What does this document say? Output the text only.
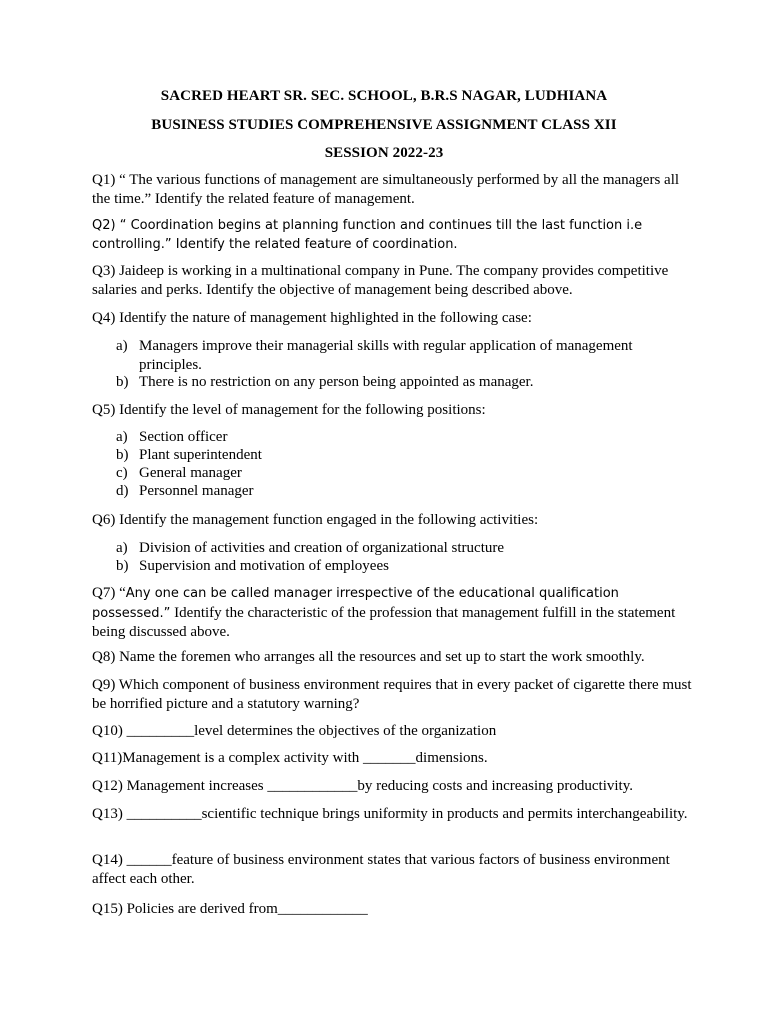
SACRED HEART SR. SEC. SCHOOL, B.R.S NAGAR, LUDHIANA
BUSINESS STUDIES COMPREHENSIVE ASSIGNMENT CLASS XII
SESSION 2022-23
Q1) “ The various functions of management are simultaneously performed by all the managers all the time.” Identify the related feature of management.
Q2) “ Coordination begins at planning function and continues till the last function i.e controlling.” Identify the related feature of coordination.
Q3) Jaideep is working in a multinational company in Pune. The company provides competitive salaries and perks. Identify the objective of management being described above.
Q4) Identify the nature of management highlighted in the following case:
a) Managers improve their managerial skills with regular application of management principles.
b) There is no restriction on any person being appointed as manager.
Q5) Identify the level of management for the following positions:
a) Section officer
b) Plant superintendent
c) General manager
d) Personnel manager
Q6) Identify the management function engaged in the following activities:
a) Division of activities and creation of organizational structure
b) Supervision and motivation of employees
Q7) “Any one can be called manager irrespective of the educational qualification possessed.” Identify the characteristic of the profession that management fulfill in the statement being discussed above.
Q8) Name the foremen who arranges all the resources and set up to start the work smoothly.
Q9) Which component of business environment requires that in every packet of cigarette there must be horrified picture and a statutory warning?
Q10) _________level determines the objectives of the organization
Q11)Management is a complex activity with _______dimensions.
Q12) Management increases ____________by reducing costs and increasing productivity.
Q13) __________scientific technique brings uniformity in products and permits interchangeability.
Q14) ______feature of business environment states that various factors of business environment affect each other.
Q15) Policies are derived from____________
